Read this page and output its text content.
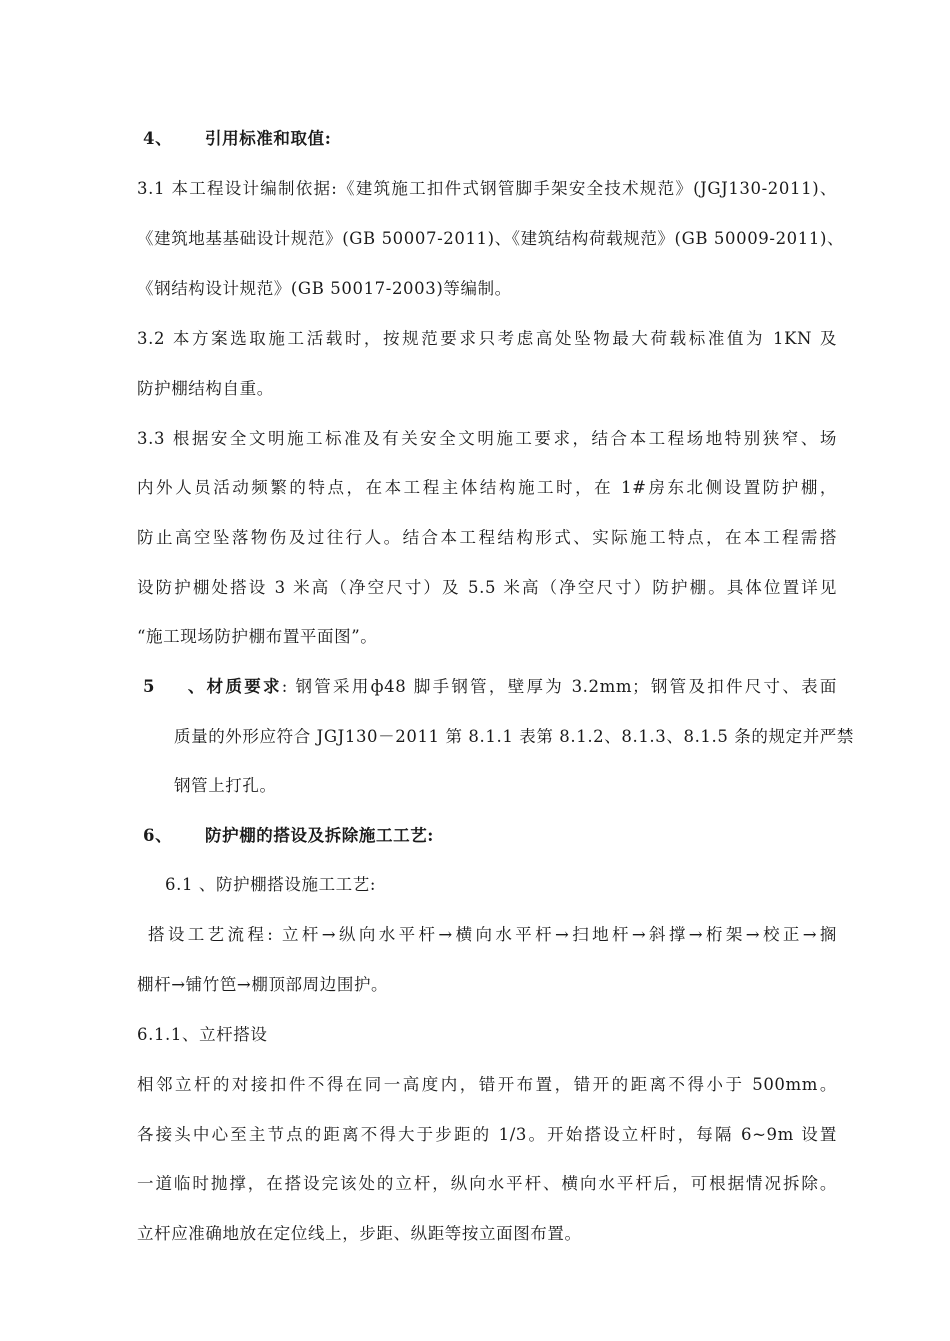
4、 引用标准和取值:
3.1 本工程设计编制依据:《建筑施工扣件式钢管脚手架安全技术规范》(JGJ130-2011)、
《建筑地基基础设计规范》(GB 50007-2011)、《建筑结构荷载规范》(GB 50009-2011)、
《钢结构设计规范》(GB 50017-2003)等编制。
3.2 本方案选取施工活载时，按规范要求只考虑高处坠物最大荷载标准值为 1KN 及
防护棚结构自重。
3.3 根据安全文明施工标准及有关安全文明施工要求，结合本工程场地特别狭窄、场
内外人员活动频繁的特点，在本工程主体结构施工时，在 1#房东北侧设置防护棚，
防止高空坠落物伤及过往行人。结合本工程结构形式、实际施工特点，在本工程需搭
设防护棚处搭设 3 米高（净空尺寸）及 5.5 米高（净空尺寸）防护棚。具体位置详见
“施工现场防护棚布置平面图”。
5、材质要求: 钢管采用ф48 脚手钢管，壁厚为 3.2mm；钢管及扣件尺寸、表面
质量的外形应符合 JGJ130－2011 第 8.1.1 表第 8.1.2、8.1.3、8.1.5 条的规定并严禁
钢管上打孔。
6、 防护棚的搭设及拆除施工工艺:
6.1 、防护棚搭设施工工艺:
搭设工艺流程: 立杆→纵向水平杆→横向水平杆→扫地杆→斜撑→桁架→校正→搁
棚杆→铺竹笆→棚顶部周边围护。
6.1.1、立杆搭设
相邻立杆的对接扣件不得在同一高度内，错开布置，错开的距离不得小于 500mm。
各接头中心至主节点的距离不得大于步距的 1/3。开始搭设立杆时，每隔 6~9m 设置
一道临时抛撑，在搭设完该处的立杆，纵向水平杆、横向水平杆后，可根据情况拆除。
立杆应准确地放在定位线上，步距、纵距等按立面图布置。
